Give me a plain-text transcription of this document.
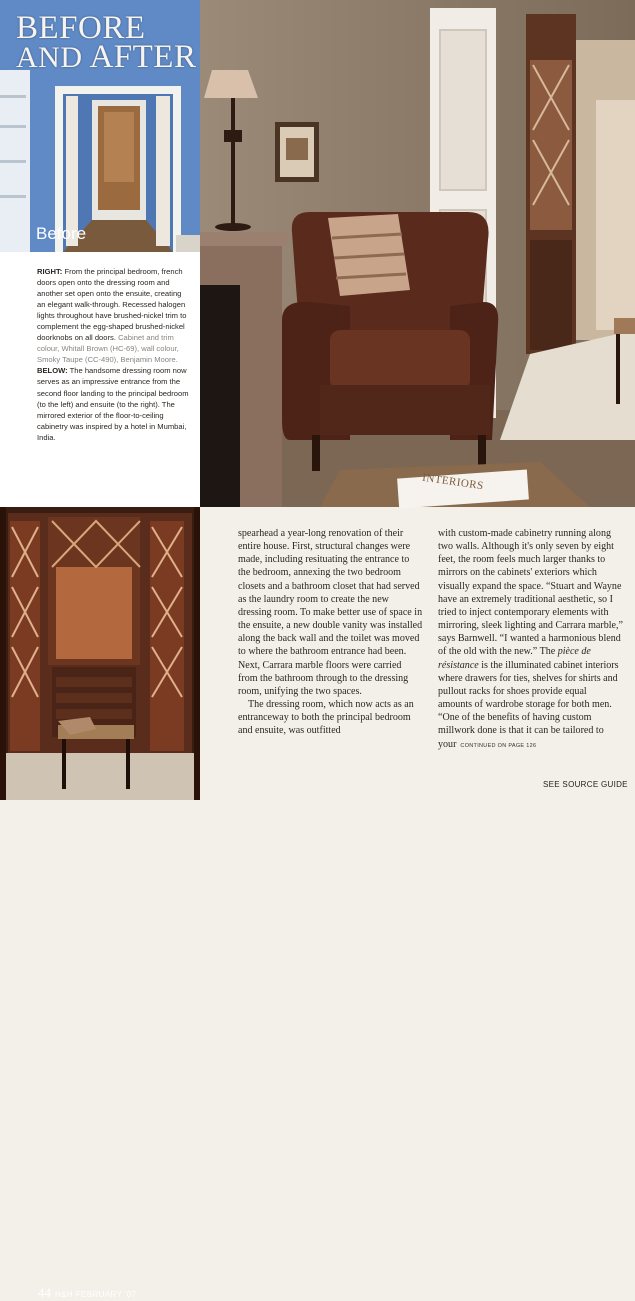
BEFORE
AND AFTER
Before
INTERIORS

RIGHT: From the principal bedroom, french doors open onto the dressing room and another set open onto the ensuite, creating an elegant walk-through. Recessed halogen lights throughout have brushed-nickel trim to complement the egg-shaped brushed-nickel doorknobs on all doors. Cabinet and trim colour, Whitall Brown (HC-69), wall colour, Smoky Taupe (CC-490), Benjamin Moore.

BELOW: The handsome dressing room now serves as an impressive entrance from the second floor landing to the principal bedroom (to the left) and ensuite (to the right). The mirrored exterior of the floor-to-ceiling cabinetry was inspired by a hotel in Mumbai, India.

44 H&H FEBRUARY '07

spearhead a year-long renovation of their entire house. First, structural changes were made, including resituating the entrance to the bedroom, annexing the two bedroom closets and a bathroom closet that had served as the laundry room to create the new dressing room. To make better use of space in the ensuite, a new double vanity was installed along the back wall and the toilet was moved to where the bathroom entrance had been. Next, Carrara marble floors were carried from the bathroom through to the dressing room, unifying the two spaces.

The dressing room, which now acts as an entranceway to both the principal bedroom and ensuite, was outfitted

with custom-made cabinetry running along two walls. Although it's only seven by eight feet, the room feels much larger thanks to mirrors on the cabinets' exteriors which visually expand the space. “Stuart and Wayne have an extremely traditional aesthetic, so I tried to inject contemporary elements with mirroring, sleek lighting and Carrara marble,” says Barnwell. “I wanted a harmonious blend of the old with the new.” The pièce de résistance is the illuminated cabinet interiors where drawers for ties, shelves for shirts and pullout racks for shoes provide equal amounts of wardrobe storage for both men. “One of the benefits of having custom millwork done is that it can be tailored to your CONTINUED ON PAGE 126

SEE SOURCE GUIDE
